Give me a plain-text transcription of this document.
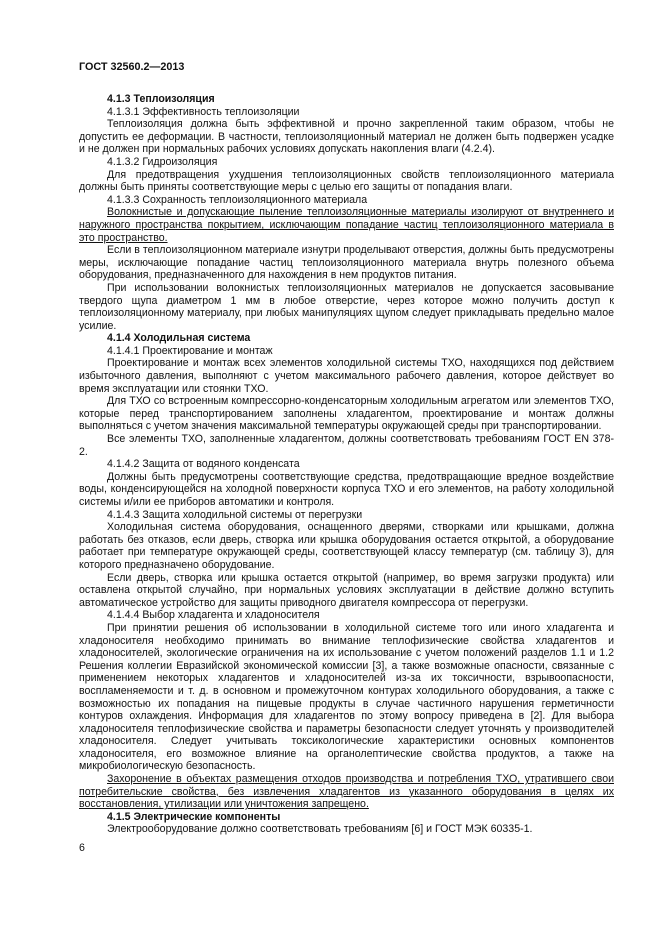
ГОСТ 32560.2—2013

4.1.3 Теплоизоляция

4.1.3.1 Эффективность теплоизоляции

Теплоизоляция должна быть эффективной и прочно закрепленной таким образом, чтобы не допустить ее деформации. В частности, теплоизоляционный материал не должен быть подвержен усадке и не должен при нормальных рабочих условиях допускать накопления влаги (4.2.4).

4.1.3.2 Гидроизоляция

Для предотвращения ухудшения теплоизоляционных свойств теплоизоляционного материала должны быть приняты соответствующие меры с целью его защиты от попадания влаги.

4.1.3.3 Сохранность теплоизоляционного материала

Волокнистые и допускающие пыление теплоизоляционные материалы изолируют от внутреннего и наружного пространства покрытием, исключающим попадание частиц теплоизоляционного материала в это пространство.

Если в теплоизоляционном материале изнутри проделывают отверстия, должны быть предусмотрены меры, исключающие попадание частиц теплоизоляционного материала внутрь полезного объема оборудования, предназначенного для нахождения в нем продуктов питания.

При использовании волокнистых теплоизоляционных материалов не допускается засовывание твердого щупа диаметром 1 мм в любое отверстие, через которое можно получить доступ к теплоизоляционному материалу, при любых манипуляциях щупом следует прикладывать предельно малое усилие.

4.1.4 Холодильная система

4.1.4.1 Проектирование и монтаж

Проектирование и монтаж всех элементов холодильной системы ТХО, находящихся под действием избыточного давления, выполняют с учетом максимального рабочего давления, которое действует во время эксплуатации или стоянки ТХО.

Для ТХО со встроенным компрессорно-конденсаторным холодильным агрегатом или элементов ТХО, которые перед транспортированием заполнены хладагентом, проектирование и монтаж должны выполняться с учетом значения максимальной температуры окружающей среды при транспортировании.

Все элементы ТХО, заполненные хладагентом, должны соответствовать требованиям ГОСТ EN 378-2.

4.1.4.2 Защита от водяного конденсата

Должны быть предусмотрены соответствующие средства, предотвращающие вредное воздействие воды, конденсирующейся на холодной поверхности корпуса ТХО и его элементов, на работу холодильной системы и/или ее приборов автоматики и контроля.

4.1.4.3 Защита холодильной системы от перегрузки

Холодильная система оборудования, оснащенного дверями, створками или крышками, должна работать без отказов, если дверь, створка или крышка оборудования остается открытой, а оборудование работает при температуре окружающей среды, соответствующей классу температур (см. таблицу 3), для которого предназначено оборудование.

Если дверь, створка или крышка остается открытой (например, во время загрузки продукта) или оставлена открытой случайно, при нормальных условиях эксплуатации в действие должно вступить автоматическое устройство для защиты приводного двигателя компрессора от перегрузки.

4.1.4.4 Выбор хладагента и хладоносителя

При принятии решения об использовании в холодильной системе того или иного хладагента и хладоносителя необходимо принимать во внимание теплофизические свойства хладагентов и хладоносителей, экологические ограничения на их использование с учетом положений разделов 1.1 и 1.2 Решения коллегии Евразийской экономической комиссии [3], а также возможные опасности, связанные с применением некоторых хладагентов и хладоносителей из-за их токсичности, взрывоопасности, воспламеняемости и т. д. в основном и промежуточном контурах холодильного оборудования, а также с возможностью их попадания на пищевые продукты в случае частичного нарушения герметичности контуров охлаждения. Информация для хладагентов по этому вопросу приведена в [2]. Для выбора хладоносителя теплофизические свойства и параметры безопасности следует уточнять у производителей хладоносителя. Следует учитывать токсикологические характеристики основных компонентов хладоносителя, его возможное влияние на органолептические свойства продуктов, а также на микробиологическую безопасность.

Захоронение в объектах размещения отходов производства и потребления ТХО, утратившего свои потребительские свойства, без извлечения хладагентов из указанного оборудования в целях их восстановления, утилизации или уничтожения запрещено.

4.1.5 Электрические компоненты

Электрооборудование должно соответствовать требованиям [6] и ГОСТ МЭК 60335-1.

6
